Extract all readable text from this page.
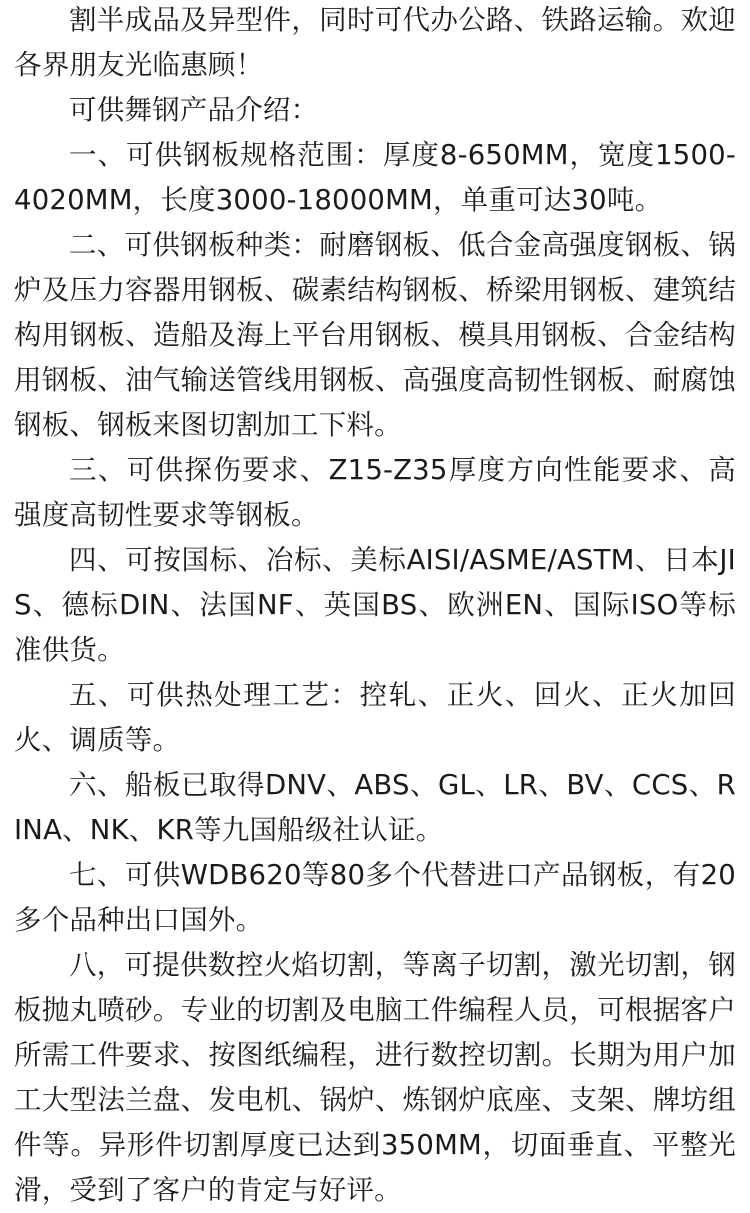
割半成品及异型件，同时可代办公路、铁路运输。欢迎各界朋友光临惠顾！

可供舞钢产品介绍：

一、可供钢板规格范围：厚度8-650MM，宽度1500-4020MM，长度3000-18000MM，单重可达30吨。

二、可供钢板种类：耐磨钢板、低合金高强度钢板、锅炉及压力容器用钢板、碳素结构钢板、桥梁用钢板、建筑结构用钢板、造船及海上平台用钢板、模具用钢板、合金结构用钢板、油气输送管线用钢板、高强度高韧性钢板、耐腐蚀钢板、钢板来图切割加工下料。

三、可供探伤要求、Z15-Z35厚度方向性能要求、高强度高韧性要求等钢板。

四、可按国标、冶标、美标AISI/ASME/ASTM、日本JIS、德标DIN、法国NF、英国BS、欧洲EN、国际ISO等标准供货。

五、可供热处理工艺：控轧、正火、回火、正火加回火、调质等。

六、船板已取得DNV、ABS、GL、LR、BV、CCS、RINA、NK、KR等九国船级社认证。

七、可供WDB620等80多个代替进口产品钢板，有20多个品种出口国外。

八，可提供数控火焰切割，等离子切割，激光切割，钢板抛丸喷砂。专业的切割及电脑工件编程人员，可根据客户所需工件要求、按图纸编程，进行数控切割。长期为用户加工大型法兰盘、发电机、锅炉、炼钢炉底座、支架、牌坊组件等。异形件切割厚度已达到350MM，切面垂直、平整光滑，受到了客户的肯定与好评。
